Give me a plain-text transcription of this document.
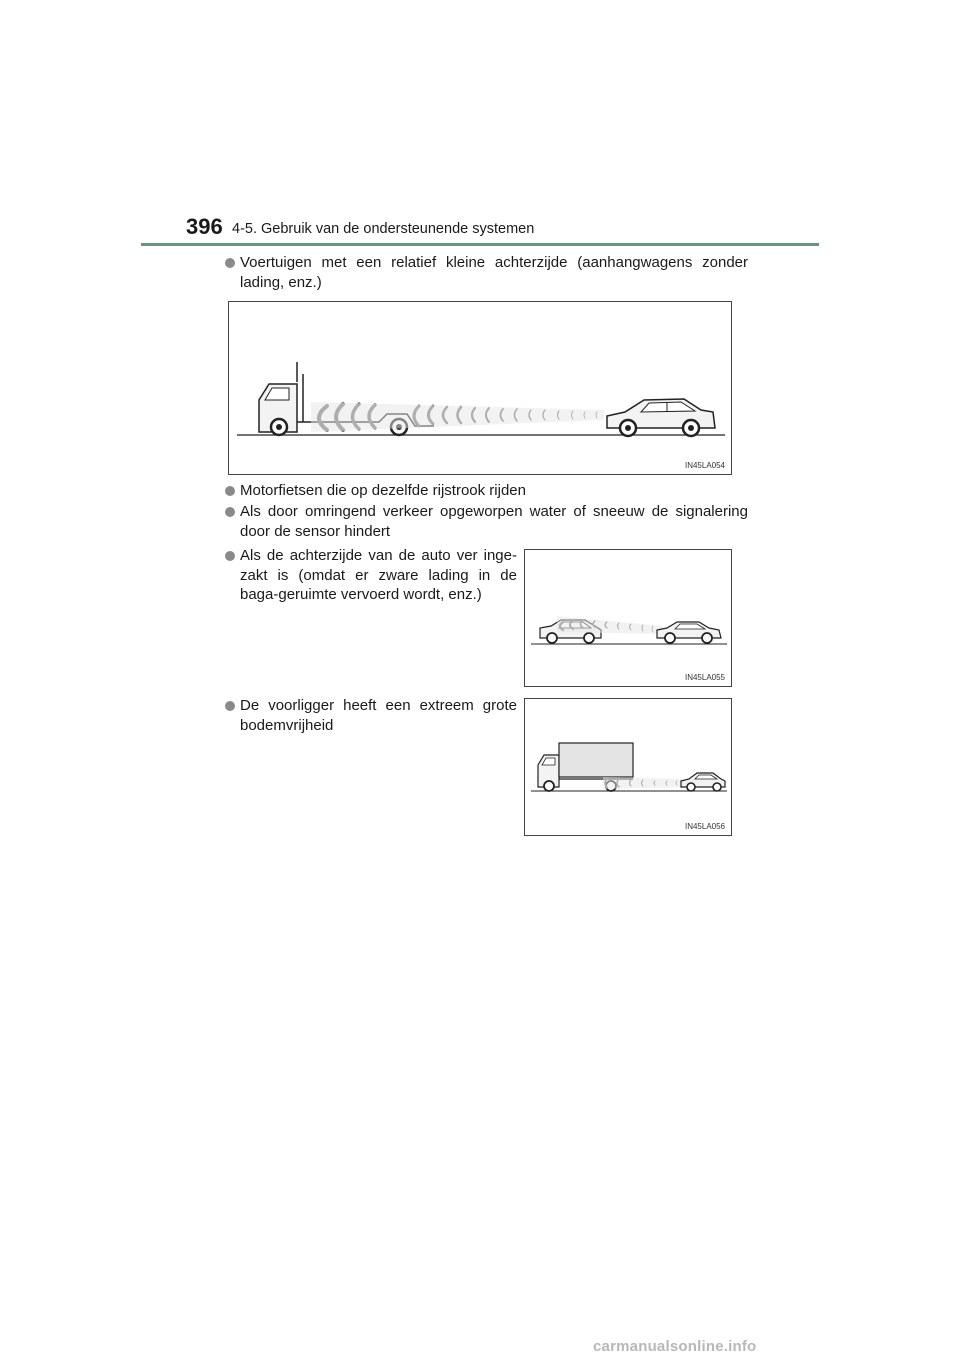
396 4-5. Gebruik van de ondersteunende systemen
Voertuigen met een relatief kleine achterzijde (aanhangwagens zonder lading, enz.)
IN45LA054
Motorfietsen die op dezelfde rijstrook rijden
Als door omringend verkeer opgeworpen water of sneeuw de signalering door de sensor hindert
Als de achterzijde van de auto ver inge-zakt is (omdat er zware lading in de baga-geruimte vervoerd wordt, enz.)
IN45LA055
De voorligger heeft een extreem grote bodemvrijheid
IN45LA056
carmanualsonline.info
